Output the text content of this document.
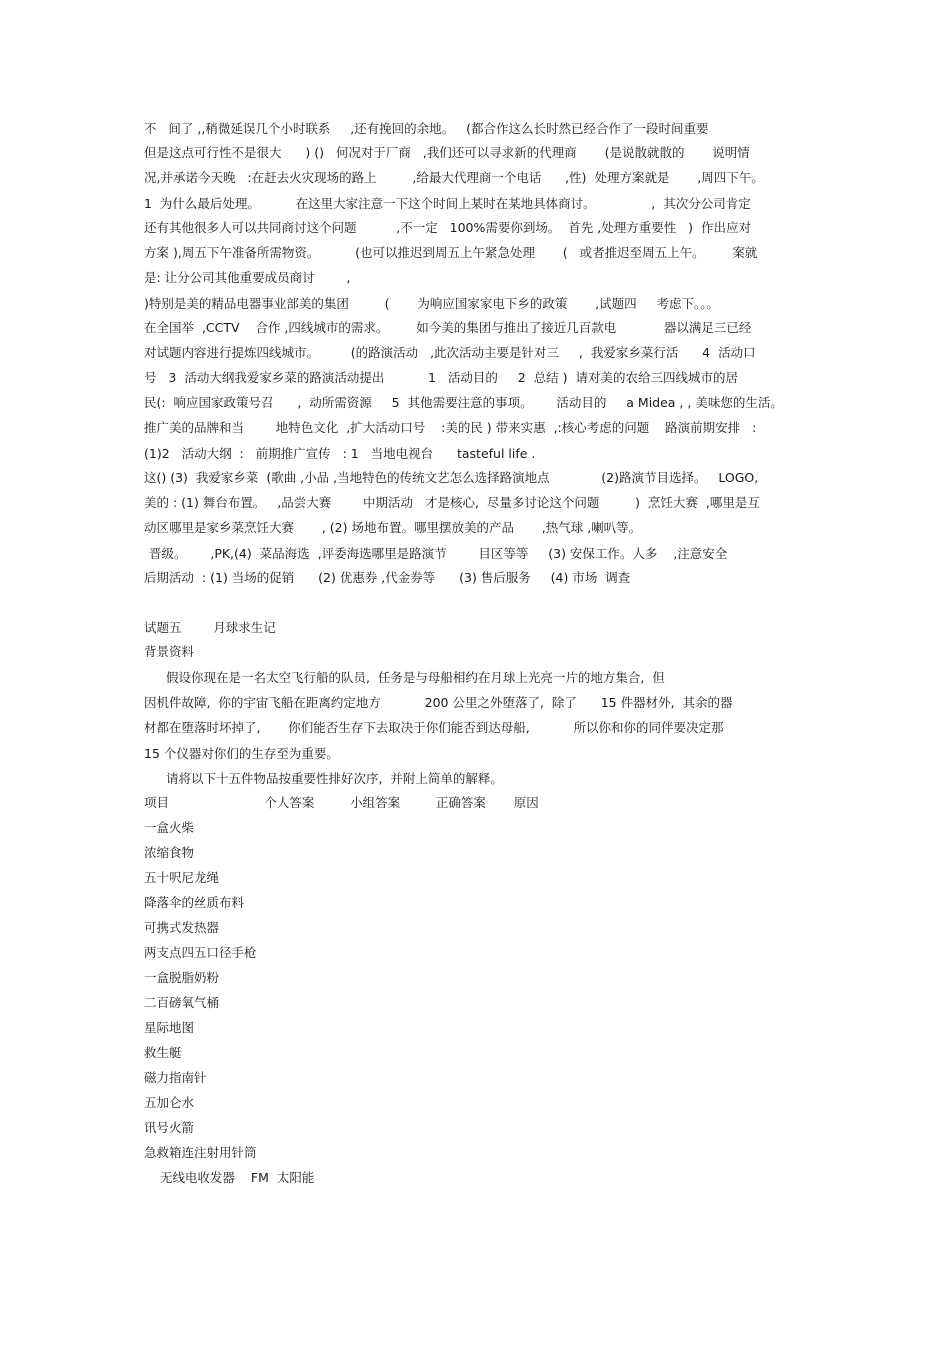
不   间了 ,,稍微延误几个小时联系     ,还有挽回的余地。   (都合作这么长时然已经合作了一段时间重要
但是这点可行性不是很大      ) ()   何况对于厂商   ,我们还可以寻求新的代理商       (是说散就散的       说明情
况,并承诺今天晚   :在赶去火灾现场的路上         ,给最大代理商一个电话      ,性)  处理方案就是       ,周四下午。
1  为什么最后处理。         在这里大家注意一下这个时间上某时在某地具体商讨。              ,  其次分公司肯定
还有其他很多人可以共同商讨这个问题          ,不一定   100%需要你到场。  首先 ,处理方重要性   )  作出应对
方案 ),周五下午准备所需物资。         (也可以推迟到周五上午紧急处理       (   或者推迟至周五上午。       案就
是: 让分公司其他重要成员商讨        ,
)特别是美的精品电器事业部美的集团         (       为响应国家家电下乡的政策       ,试题四     考虑下。。。
在全国举  ,CCTV    合作 ,四线城市的需求。       如今美的集团与推出了接近几百款电            器以满足三已经
对试题内容进行提炼四线城市。        (的路演活动   ,此次活动主要是针对三     ,  我爱家乡菜行活      4  活动口
号   3  活动大纲我爱家乡菜的路演活动提出           1   活动目的     2  总结 )  请对美的农给三四线城市的居
民(:  响应国家政策号召      ,  动所需资源     5  其他需要注意的事项。      活动目的     a Midea , , 美味您的生活。
推广美的品牌和当        地特色文化  ,扩大活动口号    :美的民 ) 带来实惠  ,:核心考虑的问题    路演前期安排   :
(1)2   活动大纲  :   前期推广宣传   : 1   当地电视台      tasteful life .
这() (3)  我爱家乡菜  (歌曲 ,小品 ,当地特色的传统文艺怎么选择路演地点             (2)路演节目选择。   LOGO,
美的 : (1) 舞台布置。   ,品尝大赛        中期活动   才是核心,  尽量多讨论这个问题         )  烹饪大赛  ,哪里是互
动区哪里是家乡菜烹饪大赛       , (2) 场地布置。哪里摆放美的产品       ,热气球 ,喇叭等。
晋级。      ,PK,(4)  菜品海选  ,评委海选哪里是路演节        目区等等     (3) 安保工作。人多    ,注意安全
后期活动  : (1) 当场的促销      (2) 优惠券 ,代金券等      (3) 售后服务     (4) 市场  调查
试题五        月球求生记
背景资料
假设你现在是一名太空飞行船的队员,  任务是与母船相约在月球上光亮一片的地方集合,  但
因机件故障,  你的宇宙飞船在距离约定地方           200 公里之外堕落了,  除了      15 件器材外,  其余的器
材都在堕落时坏掉了,       你们能否生存下去取决于你们能否到达母船,           所以你和你的同伴要决定那
15 个仪器对你们的生存至为重要。
请将以下十五件物品按重要性排好次序,  并附上简单的解释。
项目                        个人答案         小组答案         正确答案       原因
一盒火柴
浓缩食物
五十呎尼龙绳
降落伞的丝质布料
可携式发热器
两支点四五口径手枪
一盒脱脂奶粉
二百磅氧气桶
星际地图
救生艇
磁力指南针
五加仑水
讯号火箭
急救箱连注射用针筒
无线电收发器    FM  太阳能
